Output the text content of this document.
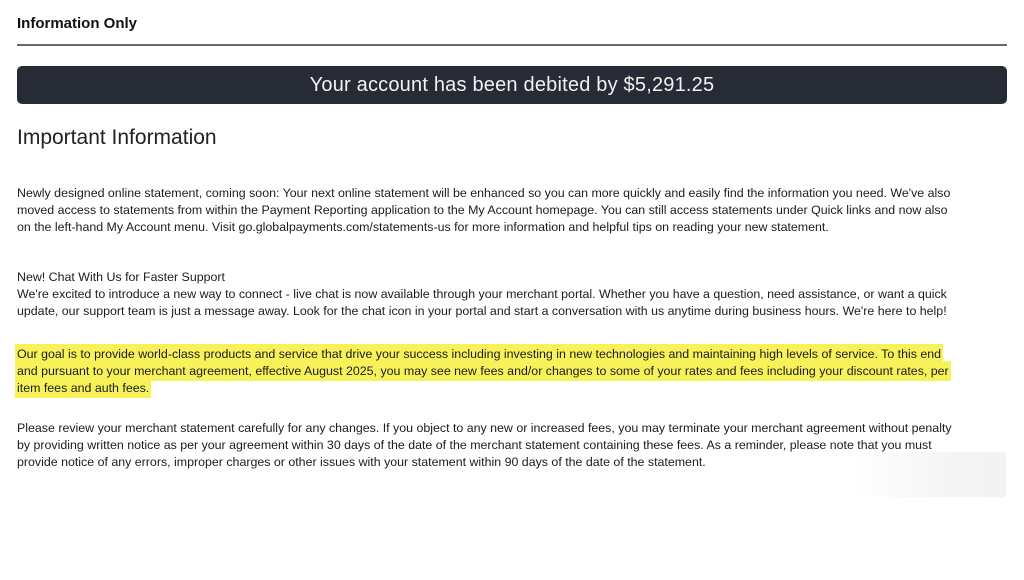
Information Only
Your account has been debited by $5,291.25
Important Information
Newly designed online statement, coming soon: Your next online statement will be enhanced so you can more quickly and easily find the information you need. We've also moved access to statements from within the Payment Reporting application to the My Account homepage. You can still access statements under Quick links and now also on the left-hand My Account menu. Visit go.globalpayments.com/statements-us for more information and helpful tips on reading your new statement.
New! Chat With Us for Faster Support
We're excited to introduce a new way to connect - live chat is now available through your merchant portal. Whether you have a question, need assistance, or want a quick update, our support team is just a message away. Look for the chat icon in your portal and start a conversation with us anytime during business hours. We're here to help!
Our goal is to provide world-class products and service that drive your success including investing in new technologies and maintaining high levels of service. To this end and pursuant to your merchant agreement, effective August 2025, you may see new fees and/or changes to some of your rates and fees including your discount rates, per item fees and auth fees.
Please review your merchant statement carefully for any changes. If you object to any new or increased fees, you may terminate your merchant agreement without penalty by providing written notice as per your agreement within 30 days of the date of the merchant statement containing these fees. As a reminder, please note that you must provide notice of any errors, improper charges or other issues with your statement within 90 days of the date of the statement.
